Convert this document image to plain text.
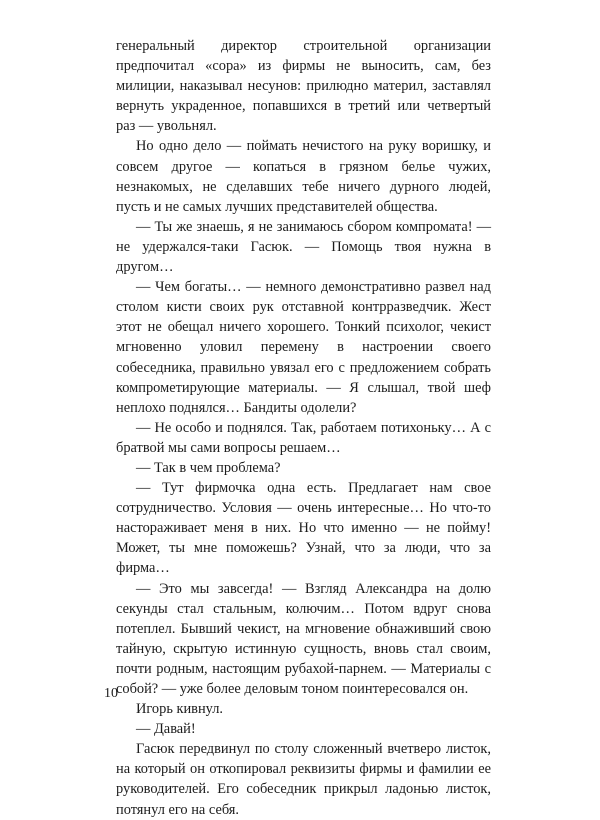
генеральный директор строительной организации предпочитал «сора» из фирмы не выносить, сам, без милиции, наказывал несунов: прилюдно материл, заставлял вернуть украденное, попавшихся в третий или четвертый раз — увольнял.

Но одно дело — поймать нечистого на руку воришку, и совсем другое — копаться в грязном белье чужих, незнакомых, не сделавших тебе ничего дурного людей, пусть и не самых лучших представителей общества.

— Ты же знаешь, я не занимаюсь сбором компромата! — не удержался-таки Гасюк. — Помощь твоя нужна в другом…

— Чем богаты… — немного демонстративно развел над столом кисти своих рук отставной контрразведчик. Жест этот не обещал ничего хорошего. Тонкий психолог, чекист мгновенно уловил перемену в настроении своего собеседника, правильно увязал его с предложением собрать компрометирующие материалы. — Я слышал, твой шеф неплохо поднялся… Бандиты одолели?

— Не особо и поднялся. Так, работаем потихоньку… А с братвой мы сами вопросы решаем…

— Так в чем проблема?

— Тут фирмочка одна есть. Предлагает нам свое сотрудничество. Условия — очень интересные… Но что-то настораживает меня в них. Но что именно — не пойму! Может, ты мне поможешь? Узнай, что за люди, что за фирма…

— Это мы завсегда! — Взгляд Александра на долю секунды стал стальным, колючим… Потом вдруг снова потеплел. Бывший чекист, на мгновение обнаживший свою тайную, скрытую истинную сущность, вновь стал своим, почти родным, настоящим рубахой-парнем. — Материалы с собой? — уже более деловым тоном поинтересовался он.

Игорь кивнул.

— Давай!

Гасюк передвинул по столу сложенный вчетверо листок, на который он откопировал реквизиты фирмы и фамилии ее руководителей. Его собеседник прикрыл ладонью листок, потянул его на себя.

10
